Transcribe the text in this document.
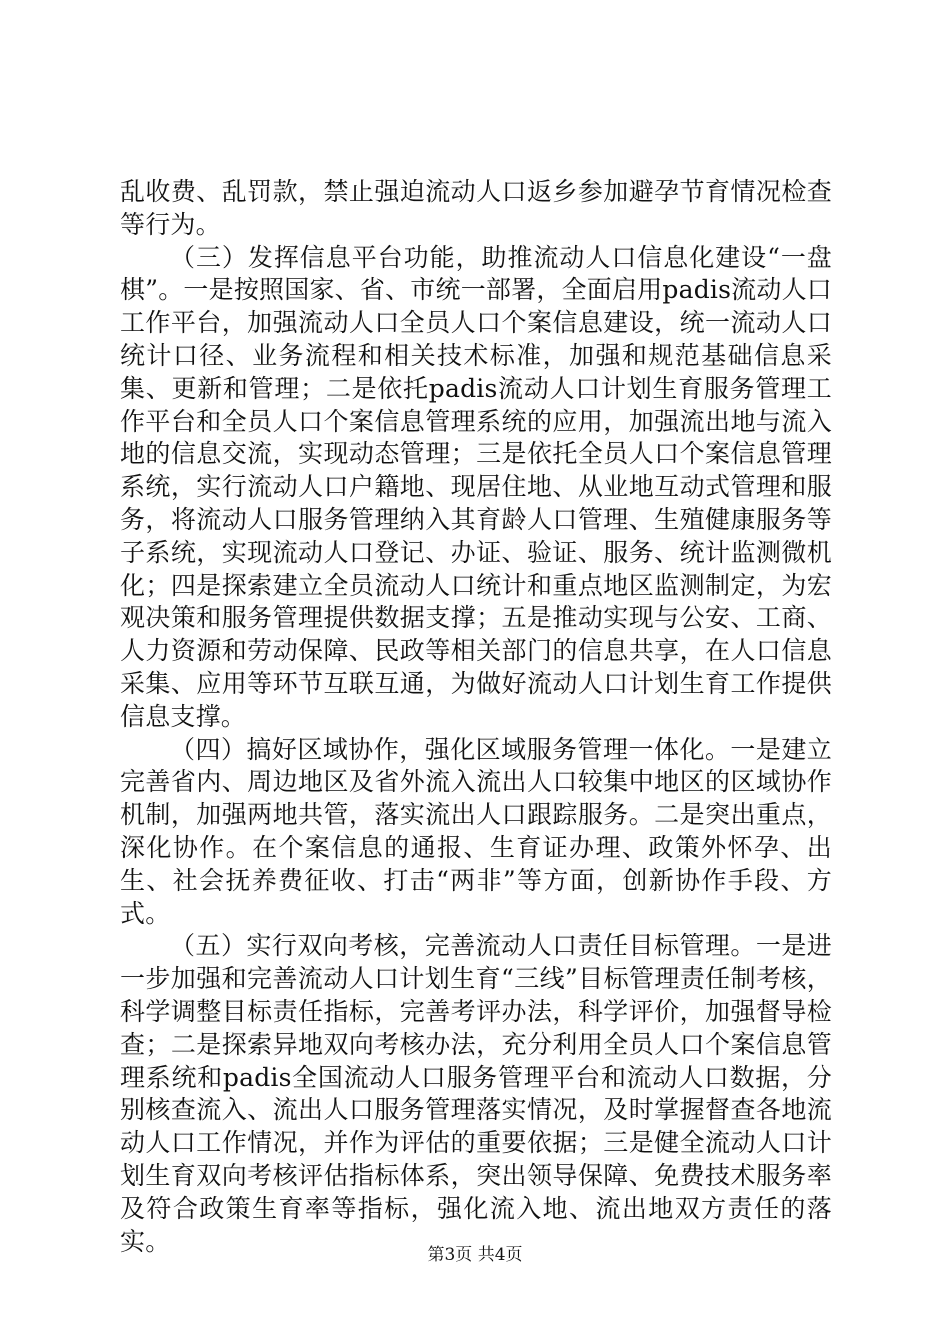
乱收费、乱罚款，禁止强迫流动人口返乡参加避孕节育情况检查等行为。

（三）发挥信息平台功能，助推流动人口信息化建设“一盘棋”。一是按照国家、省、市统一部署，全面启用padis流动人口工作平台，加强流动人口全员人口个案信息建设，统一流动人口统计口径、业务流程和相关技术标准，加强和规范基础信息采集、更新和管理；二是依托padis流动人口计划生育服务管理工作平台和全员人口个案信息管理系统的应用，加强流出地与流入地的信息交流，实现动态管理；三是依托全员人口个案信息管理系统，实行流动人口户籍地、现居住地、从业地互动式管理和服务，将流动人口服务管理纳入其育龄人口管理、生殖健康服务等子系统，实现流动人口登记、办证、验证、服务、统计监测微机化；四是探索建立全员流动人口统计和重点地区监测制定，为宏观决策和服务管理提供数据支撑；五是推动实现与公安、工商、人力资源和劳动保障、民政等相关部门的信息共享，在人口信息采集、应用等环节互联互通，为做好流动人口计划生育工作提供信息支撑。

（四）搞好区域协作，强化区域服务管理一体化。一是建立完善省内、周边地区及省外流入流出人口较集中地区的区域协作机制，加强两地共管，落实流出人口跟踪服务。二是突出重点，深化协作。在个案信息的通报、生育证办理、政策外怀孕、出生、社会抚养费征收、打击“两非”等方面，创新协作手段、方式。

（五）实行双向考核，完善流动人口责任目标管理。一是进一步加强和完善流动人口计划生育“三线”目标管理责任制考核，科学调整目标责任指标，完善考评办法，科学评价，加强督导检查；二是探索异地双向考核办法，充分利用全员人口个案信息管理系统和padis全国流动人口服务管理平台和流动人口数据，分别核查流入、流出人口服务管理落实情况，及时掌握督查各地流动人口工作情况，并作为评估的重要依据；三是健全流动人口计划生育双向考核评估指标体系，突出领导保障、免费技术服务率及符合政策生育率等指标，强化流入地、流出地双方责任的落实。	第3页 共4页
